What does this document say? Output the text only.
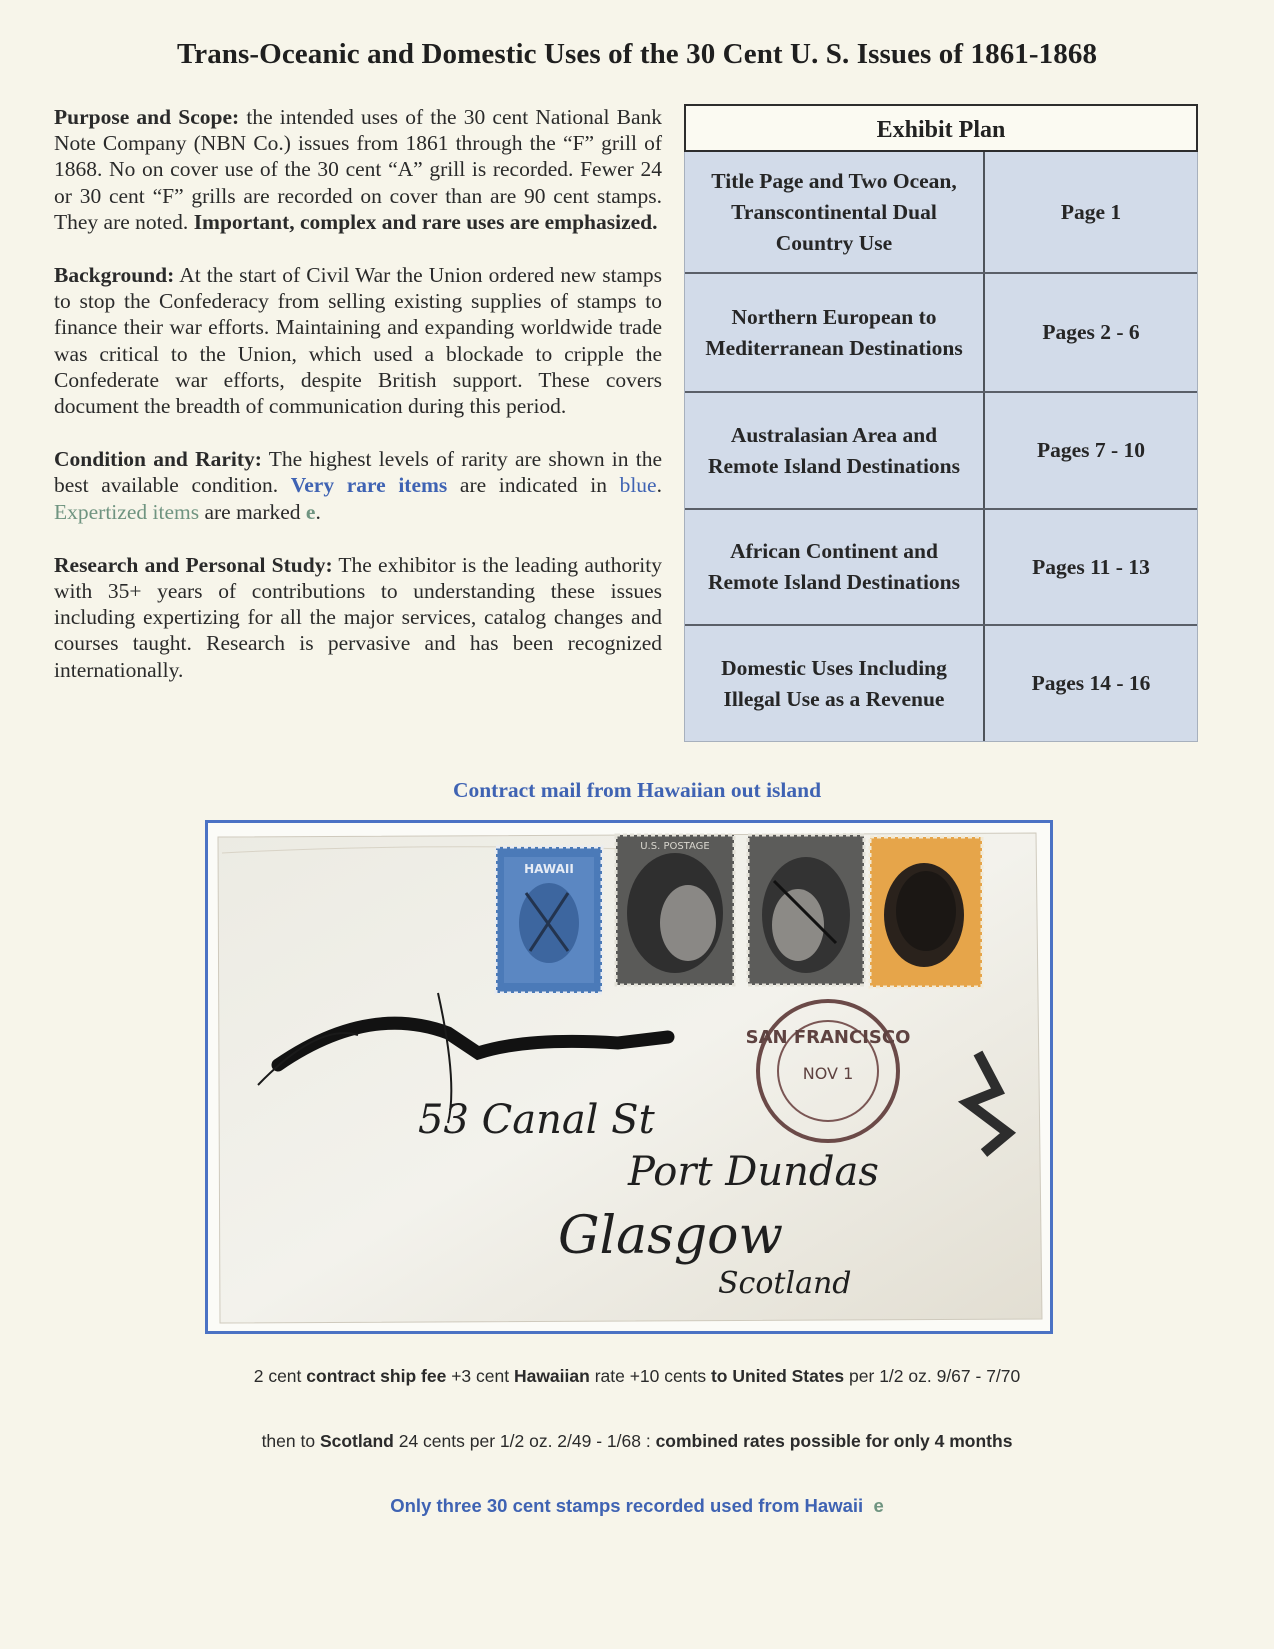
Trans-Oceanic and Domestic Uses of the 30 Cent U. S. Issues of 1861-1868

Purpose and Scope: the intended uses of the 30 cent National Bank Note Company (NBN Co.) issues from 1861 through the “F” grill of 1868. No on cover use of the 30 cent “A” grill is recorded. Fewer 24 or 30 cent “F” grills are recorded on cover than are 90 cent stamps. They are noted. Important, complex and rare uses are emphasized.

Background: At the start of Civil War the Union ordered new stamps to stop the Confederacy from selling existing supplies of stamps to finance their war efforts. Maintaining and expanding worldwide trade was critical to the Union, which used a blockade to cripple the Confederate war efforts, despite British support. These covers document the breadth of communication during this period.

Condition and Rarity: The highest levels of rarity are shown in the best available condition. Very rare items are indicated in blue. Expertized items are marked e.

Research and Personal Study: The exhibitor is the leading authority with 35+ years of contributions to understanding these issues including expertizing for all the major services, catalog changes and courses taught. Research is pervasive and has been recognized internationally.

Exhibit Plan
Title Page and Two Ocean, Transcontinental Dual Country Use
Page 1
Northern European to Mediterranean Destinations
Pages 2 - 6
Australasian Area and Remote Island Destinations
Pages 7 - 10
African Continent and Remote Island Destinations
Pages 11 - 13
Domestic Uses Including Illegal Use as a Revenue
Pages 14 - 16
Contract mail from Hawaiian out island
HAWAII
U.S. POSTAGE
SAN FRANCISCO
NOV 1
53 Canal St
Port Dundas
Glasgow
Scotland
2 cent contract ship fee +3 cent Hawaiian rate +10 cents to United States per 1/2 oz. 9/67 - 7/70
then to Scotland 24 cents per 1/2 oz. 2/49 - 1/68 : combined rates possible for only 4 months
Only three 30 cent stamps recorded used from Hawaii e
